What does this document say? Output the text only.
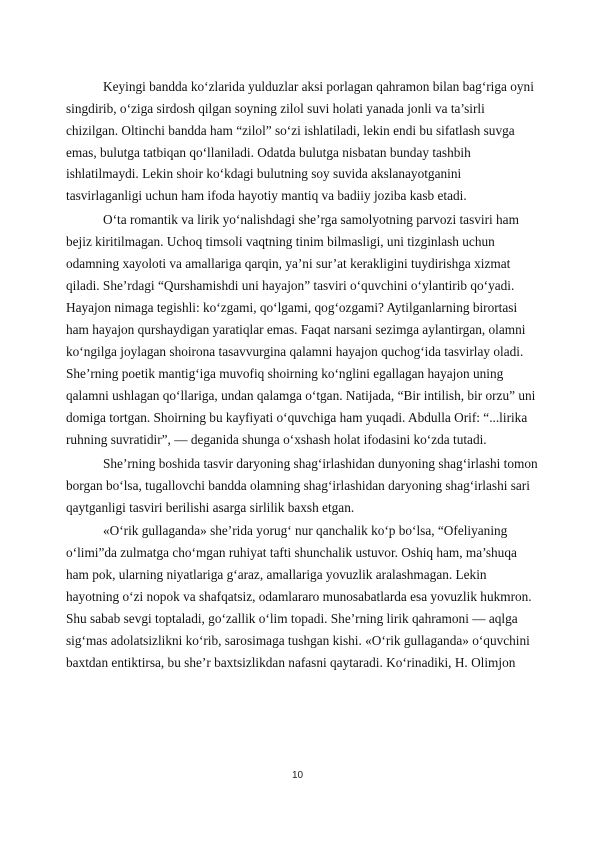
Keyingi bandda ko‘zlarida yulduzlar aksi porlagan qahramon bilan bag‘riga oyni
singdirib, o‘ziga sirdosh qilgan soyning zilol suvi holati yanada jonli va ta’sirli
chizilgan. Oltinchi bandda ham “zilol” so‘zi ishlatiladi, lekin endi bu sifatlash suvga
emas, bulutga tatbiqan qo‘llaniladi. Odatda bulutga nisbatan bunday tashbih
ishlatilmaydi. Lekin shoir ko‘kdagi bulutning soy suvida akslanayotganini
tasvirlaganligi uchun ham ifoda hayotiy mantiq va badiiy joziba kasb etadi.
O‘ta romantik va lirik yo‘nalishdagi she’rga samolyotning parvozi tasviri ham
bejiz kiritilmagan. Uchoq timsoli vaqtning tinim bilmasligi, uni tizginlash uchun
odamning xayoloti va amallariga qarqin, ya’ni sur’at kerakligini tuydirishga xizmat
qiladi. She’rdagi “Qurshamishdi uni hayajon” tasviri o‘quvchini o‘ylantirib qo‘yadi.
Hayajon nimaga tegishli: ko‘zgami, qo‘lgami, qog‘ozgami? Aytilganlarning birortasi
ham hayajon qurshaydigan yaratiqlar emas. Faqat narsani sezimga aylantirgan, olamni
ko‘ngilga joylagan shoirona tasavvurgina qalamni hayajon quchog‘ida tasvirlay oladi.
She’rning poetik mantig‘iga muvofiq shoirning ko‘nglini egallagan hayajon uning
qalamni ushlagan qo‘llariga, undan qalamga o‘tgan. Natijada, “Bir intilish, bir orzu” uni
domiga tortgan. Shoirning bu kayfiyati o‘quvchiga ham yuqadi. Abdulla Orif: “...lirika
ruhning suvratidir”, — deganida shunga o‘xshash holat ifodasini ko‘zda tutadi.
She’rning boshida tasvir daryoning shag‘irlashidan dunyoning shag‘irlashi tomon
borgan bo‘lsa, tugallovchi bandda olamning shag‘irlashidan daryoning shag‘irlashi sari
qaytganligi tasviri berilishi asarga sirlilik baxsh etgan.
«O‘rik gullaganda» she’rida yorug‘ nur qanchalik ko‘p bo‘lsa, “Ofeliyaning
o‘limi”da zulmatga cho‘mgan ruhiyat tafti shunchalik ustuvor. Oshiq ham, ma’shuqa
ham pok, ularning niyatlariga g‘araz, amallariga yovuzlik aralashmagan. Lekin
hayotning o‘zi nopok va shafqatsiz, odamlararo munosabatlarda esa yovuzlik hukmron.
Shu sabab sevgi toptaladi, go‘zallik o‘lim topadi. She’rning lirik qahramoni — aqlga
sig‘mas adolatsizlikni ko‘rib, sarosimaga tushgan kishi. «O‘rik gullaganda» o‘quvchini
baxtdan entiktirsa, bu she’r baxtsizlikdan nafasni qaytaradi. Ko‘rinadiki, H. Olimjon
10
